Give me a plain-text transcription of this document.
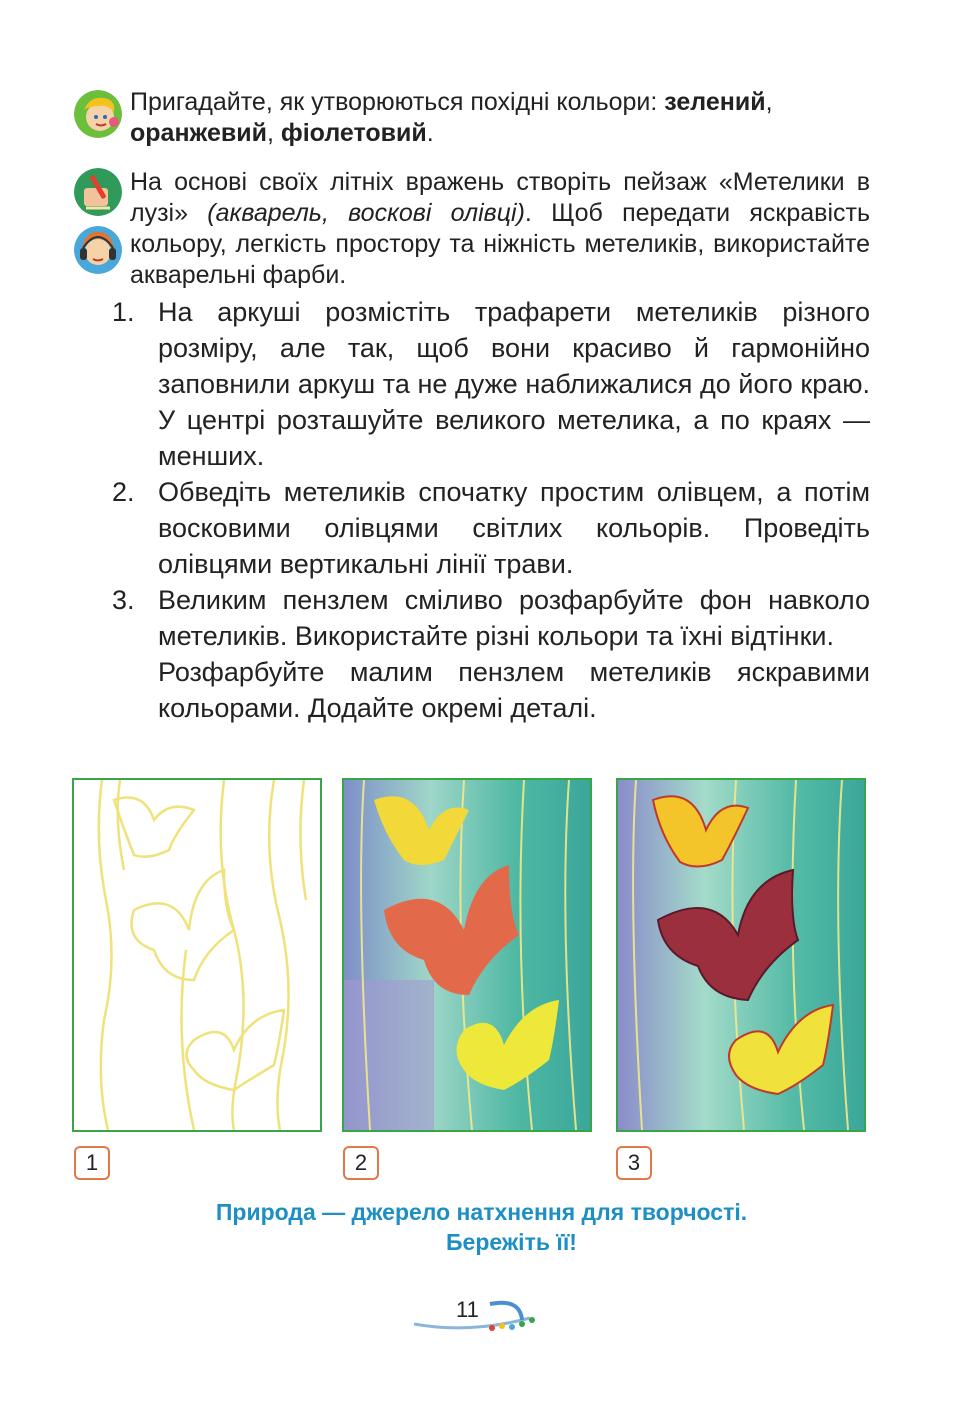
Пригадайте, як утворюються похідні кольори: зелений, оранжевий, фіолетовий.
На основі своїх літніх вражень створіть пейзаж «Метелики в лузі» (акварель, воскові олівці). Щоб передати яскравість кольору, легкість простору та ніжність метеликів, використайте акварельні фарби.
1. На аркуші розмістіть трафарети метеликів різного розміру, але так, щоб вони красиво й гармонійно заповнили аркуш та не дуже наближалися до його краю. У центрі розташуйте великого метелика, а по краях — менших.
2. Обведіть метеликів спочатку простим олівцем, а потім восковими олівцями світлих кольорів. Проведіть олівцями вертикальні лінії трави.
3. Великим пензлем сміливо розфарбуйте фон навколо метеликів. Використайте різні кольори та їхні відтінки.
Розфарбуйте малим пензлем метеликів яскравими кольорами. Додайте окремі деталі.
1	2	3
Природа — джерело натхнення для творчості.
Бережіть її!
11
